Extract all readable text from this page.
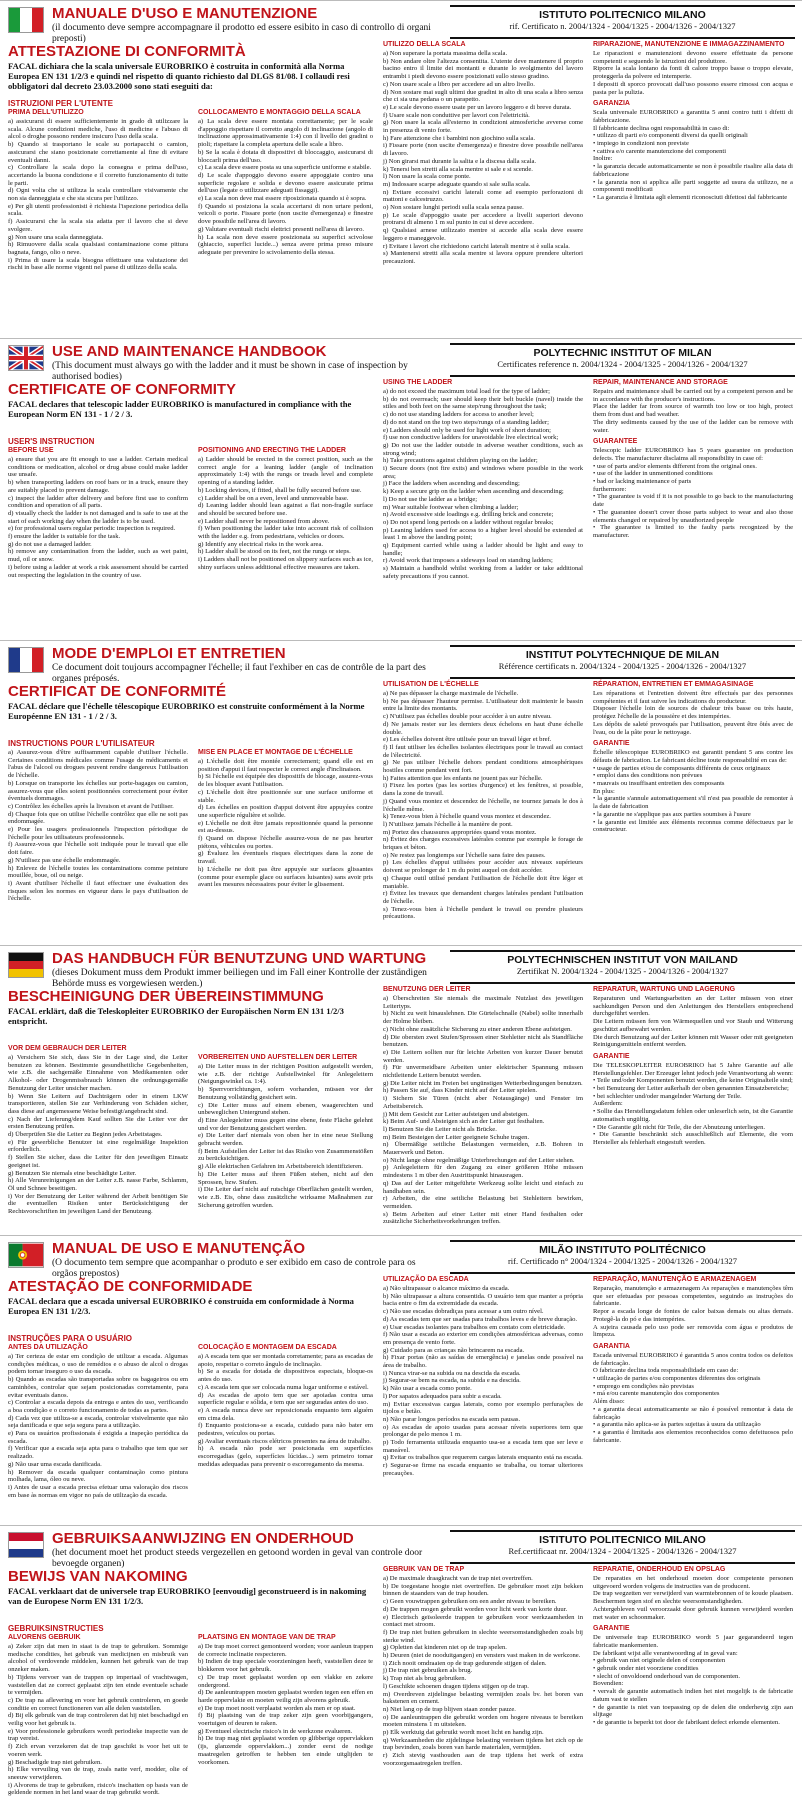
MANUALE D'USO E MANUTENZIONE
(il documento deve sempre accompagnare il prodotto ed essere esibito in caso di controllo di organi preposti)
ISTITUTO POLITECNICO MILANO
rif. Certificato n. 2004/1324 - 2004/1325 - 2004/1326 - 2004/1327
ATTESTAZIONE DI CONFORMITÀ
FACAL dichiara che la scala universale EUROBRIKO è costruita in conformità alla Norma Europea EN 131 1/2/3 e quindi nel rispetto di quanto richiesto dal DLGS 81/08. I collaudi resi obbligatori dal decreto 23.03.2000 sono stati eseguiti da:
ISTRUZIONI PER L'UTENTE
PRIMA DELL'UTILIZZO
a) assicurarsi di essere sufficientemente in grado di utilizzare la scala. Alcune condizioni mediche, l'uso di medicine e l'abuso di alcol o droghe possono rendere insicuro l'uso della scala.
b) Quando si trasportano le scale su portapacchi o camion, assicurarsi che siano posizionate correttamente al fine di evitare eventuali danni.
c) Controllare la scala dopo la consegna e prima dell'uso, accertando la buona condizione e il corretto funzionamento di tutte le parti.
d) Ogni volta che si utilizza la scala controllare visivamente che non sia danneggiata e che sia sicura per l'utilizzo.
e) Per gli utenti professionisti è richiesta l'ispezione periodica della scala.
f) Assicurarsi che la scala sia adatta per il lavoro che si deve svolgere.
g) Non usare una scala danneggiata.
h) Rimuovere dalla scala qualsiasi contaminazione come pittura bagnata, fango, olio o neve.
i) Prima di usare la scala bisogna effettuare una valutazione dei rischi in base alle norme vigenti nel paese di utilizzo della scala.
COLLOCAMENTO E MONTAGGIO DELLA SCALA
a) La scala deve essere montata correttamente; per le scale d'appoggio rispettare il corretto angolo di inclinazione (angolo di inclinazione approssimativamente 1:4) con il livello dei gradini o pioli; rispettare la completa apertura delle scale a libro.
b) Se la scala è dotata di dispositivi di bloccaggio, assicurarsi di bloccarli prima dell'uso.
c) La scala deve essere posta su una superficie uniforme e stabile.
d) Le scale d'appoggio devono essere appoggiate contro una superficie regolare e solida e devono essere assicurate prima dell'uso (legate o utilizzare adeguati fissaggi).
e) La scala non deve mai essere riposizionata quando si è sopra.
f) Quando si posiziona la scala accertarsi di non urtare pedoni, veicoli o porte. Fissare porte (non uscite d'emergenza) e finestre dove possibile nell'area di lavoro.
g) Valutare eventuali rischi elettrici presenti nell'area di lavoro.
h) La scala non deve essere posizionata su superfici scivolose (ghiaccio, superfici lucide...) senza avere prima preso misure adeguate per prevenire lo scivolamento della stessa.
UTILIZZO DELLA SCALA
a) Non superare la portata massima della scala.
b) Non andare oltre l'altezza consentita. L'utente deve mantenere il proprio bacino entro il limite dei montanti e durante lo svolgimento del lavoro entrambi i piedi devono essere posizionati sullo stesso gradino.
c) Non usare scale a libro per accedere ad un altro livello.
d) Non sostare mai sugli ultimi due gradini in alto di una scala a libro senza che ci sia una pedana o un parapetto.
e) Le scale devono essere usate per un lavoro leggero e di breve durata.
f) Usare scale non conduttive per lavori con l'elettricità.
g) Non usare la scala all'esterno in condizioni atmosferiche avverse come in presenza di vento forte.
h) Fare attenzione che i bambini non giochino sulla scala.
i) Fissare porte (non uscite d'emergenza) e finestre dove possibile nell'area di lavoro.
j) Non girarsi mai durante la salita e la discesa dalla scala.
k) Tenersi ben stretti alla scala mentre si sale e si scende.
l) Non usare la scala come ponte.
m) Indossare scarpe adeguate quando si sale sulla scala.
n) Evitare eccessivi carichi laterali come ad esempio perforazioni di mattoni e calcestruzzo.
o) Non sostare lunghi periodi sulla scala senza pause.
p) Le scale d'appoggio usate per accedere a livelli superiori devono protrarsi di almeno 1 m sul punto in cui si deve accedere.
q) Qualsiasi arnese utilizzato mentre si accede alla scala deve essere leggero e maneggevole.
r) Evitare i lavori che richiedono carichi laterali mentre si è sulla scala.
s) Mantenersi stretti alla scala mentre si lavora oppure prendere ulteriori precauzioni.
RIPARAZIONE, MANUTENZIONE E IMMAGAZZINAMENTO
Le riparazioni e manutenzioni devono essere effettuate da persone competenti e seguendo le istruzioni del produttore.
Riporre la scala lontano da fonti di calore troppo basse o troppo elevate, proteggerla da polvere ed intemperie.
I depositi di sporco provocati dall'uso possono essere rimossi con acqua e pasta per la pulizia.
GARANZIA
Scala universale EUROBRIKO a garantita 5 anni contro tutti i difetti di fabbricazione.
Il fabbricante declina ogni responsabilità in caso di:
• utilizzo di parti e/o componenti diversi da quelli originali
• impiego in condizioni non previste
• cattiva e/o carente manutenzione dei componenti
Inoltre:
• la garanzia decade automaticamente se non è possibile risalire alla data di fabbricazione
• la garanzia non si applica alle parti soggette ad usura da utilizzo, ne a componenti modificati
• La garanzia è limitata agli elementi riconosciuti difettosi dal fabbricante
USE AND MAINTENANCE HANDBOOK
(This document must always go with the ladder and it must be shown in case of inspection by authorised bodies)
POLYTECHNIC INSTITUT OF MILAN
Certificates reference n. 2004/1324 - 2004/1325 - 2004/1326 - 2004/1327
CERTIFICATE OF CONFORMITY
FACAL declares that telescopic ladder EUROBRIKO is manufactured in compliance with the European Norm EN 131 - 1 / 2 / 3.
USER'S INSTRUCTION
BEFORE USE
a) ensure that you are fit enough to use a ladder. Certain medical conditions or medication, alcohol or drug abuse could make ladder use unsafe.
b) when transporting ladders on roof bars or in a truck, ensure they are suitably placed to prevent damage.
c) inspect the ladder after delivery and before first use to confirm condition and operation of all parts.
d) visually check the ladder is not damaged and is safe to use at the start of each working day when the ladder is to be used.
e) for professional users regular periodic inspection is required.
f) ensure the ladder is suitable for the task.
g) do not use a damaged ladder.
h) remove any contamination from the ladder, such as wet paint, mud, oil or snow.
i) before using a ladder at work a risk assessment should be carried out respecting the legislation in the country of use.
POSITIONING AND ERECTING THE LADDER
a) Ladder should be erected in the correct position, such as the correct angle for a leaning ladder (angle of inclination approximately 1:4) with the rungs or treads level and complete opening of a standing ladder.
b) Locking devices, if fitted, shall be fully secured before use.
c) Ladder shall be on a even, level and unmoveable base.
d) Leaning ladder should lean against a flat non-fragile surface and should be secured before use.
e) Ladder shall never be repositioned from above.
f) When positioning the ladder take into account risk of collision with the ladder e.g. from pedestrians, vehicles or doors.
g) Identify any electrical risks in the work area.
h) Ladder shall be stood on its feet, not the rungs or steps.
i) Ladders shall not be positioned on slippery surfaces such as ice, shiny surfaces unless additional effective measures are taken.
USING THE LADDER
a) do not exceed the maximum total load for the type of ladder;
b) do not overreach; user should keep their belt buckle (navel) inside the stiles and both feet on the same step/rung throughout the task;
c) do not use standing ladders for access to another level;
d) do not stand on the top two steps/rungs of a standing ladder;
e) Ladders should only be used for light work of short duration;
f) use non conductive ladders for unavoidable live electrical work;
g) Do not use the ladder outside in adverse weather conditions, such as strong wind;
h) Take precautions against children playing on the ladder;
i) Secure doors (not fire exits) and windows where possible in the work area;
j) Face the ladders when ascending and descending;
k) Keep a secure grip on the ladder when ascending and descending;
l) Do not use the ladder as a bridge;
m) Wear suitable footwear when climbing a ladder;
n) Avoid excessive side loadings e.g. drilling brick and concrete;
o) Do not spend long periods on a ladder without regular breaks;
p) Leaning ladders used for access to a higher level should be extended at least 1 m above the landing point;
q) Equipment carried while using a ladder should be light and easy to handle;
r) Avoid work that imposes a sideways load on standing ladders;
s) Maintain a handhold whilst working from a ladder or take additional safety precautions if you cannot.
REPAIR, MAINTENANCE AND STORAGE
Repairs and maintenance shall be carried out by a competent person and be in accordance with the producer's instructions.
Place the ladder far from source of warmth too low or too high, protect them from dust and bad weather.
The dirty sediments caused by the use of the ladder can be remove with water.
GUARANTEE
Telescopic ladder EUROBRIKO has 5 years guarantee on production defects. The manufacturer disclaims all responsibility in case of:
• use of parts and/or elements different from the original ones.
• use of the ladder in unmentioned conditions
• bad or lacking maintenance of parts
furthermore:
• The guarantee is void if it is not possible to go back to the manufacturing date
• The guarantee doesn't cover those parts subject to wear and also those elements changed or repaired by unauthorized people
• The guarantee is limited to the faulty parts recognized by the manufacturer.
MODE D'EMPLOI ET ENTRETIEN
Ce document doit toujours accompagner l'échelle; il faut l'exhiber en cas de contrôle de la part des organes préposés.
INSTITUT POLYTECHNIQUE DE MILAN
Référence certificats n. 2004/1324 - 2004/1325 - 2004/1326 - 2004/1327
CERTIFICAT DE CONFORMITÉ
FACAL déclare que l'échelle télescopique EUROBRIKO est construite conformément à la Norme Européenne EN 131 - 1 / 2 / 3.
INSTRUCTIONS POUR L'UTILISATEUR
a) Assurez-vous d'être suffisamment capable d'utiliser l'échelle. Certaines conditions médicales comme l'usage de médicaments et l'abus de l'alcool ou drogues peuvent rendre dangereux l'utilisation de l'échelle.
b) Lorsque on transporte les échelles sur porte-bagages ou camion, assurez-vous que elles soient positionnées correctement pour éviter éventuels dommages.
c) Contrôlez les échelles après la livraison et avant de l'utiliser.
d) Chaque fois que on utilise l'échelle contrôlez que elle ne soit pas endommagée.
e) Pour les usagers professionnels l'inspection périodique de l'échelle pour les utilisateurs professionnels.
f) Assurez-vous que l'échelle soit indiquée pour le travail que elle doit faire.
g) N'utilisez pas une échelle endommagée.
h) Enlevez de l'échelle toutes les contaminations comme peinture mouillée, boue, oil ou neige.
i) Avant d'utiliser l'échelle il faut effectuer une évaluation des risques selon les normes en vigueur dans le pays d'utilisation de l'échelle.
MISE EN PLACE ET MONTAGE DE L'ÉCHELLE
a) L'échelle doit être montée correctement; quand elle est en position d'appui il faut respecter le correct angle d'inclinaison.
b) Si l'échelle est équipée des dispositifs de blocage, assurez-vous de les bloquer avant l'utilisation.
c) L'échelle doit être positionnée sur une surface uniforme et stable.
d) Les échelles en position d'appui doivent être appuyées contre une superficie régulière et solide.
e) L'échelle ne doit être jamais repositionnée quand la personne est au-dessus.
f) Quand on dispose l'échelle assurez-vous de ne pas heurter piétons, véhicules ou portes.
g) Évaluez les éventuels risques électriques dans la zone de travail.
h) L'échelle ne doit pas être appuyée sur surfaces glissantes (comme pour exemple glace ou surfaces luisantes) sans avoir pris avant les mesures nécessaires pour éviter le glissement.
UTILISATION DE L'ÉCHELLE
a) Ne pas dépasser la charge maximale de l'échelle.
b) Ne pas dépasser l'hauteur permise. L'utilisateur doit maintenir le bassin entre la limite des montants.
c) N'utilisez pas échelles double pour accéder à un autre niveau.
d) Ne jamais rester sur les derniers deux échelons en haut d'une échelle double.
e) Les échelles doivent être utilisée pour un travail léger et bref.
f) Il faut utiliser les échelles isolantes électriques pour le travail au contact de l'électricité.
g) Ne pas utiliser l'échelle dehors pendant conditions atmosphériques hostiles comme pendant vent fort.
h) Faites attention que les enfants ne jouent pas sur l'échelle.
i) Fixez les portes (pas les sorties d'urgence) et les fenêtres, si possible, dans la zone de travail.
j) Quand vous montez et descendez de l'échelle, ne tournez jamais le dos à l'échelle même.
k) Tenez-vous bien à l'échelle quand vous montez et descendez.
l) N'utilisez jamais l'échelle à la manière de pont.
m) Portez des chaussures appropriées quand vous montez.
n) Évitez des charges excessives latérales comme par exemple le forage de briques et béton.
o) Ne restez pas longtemps sur l'échelle sans faire des pauses.
p) Les échelles d'appui utilisées pour accéder aux niveaux supérieurs doivent se prolonger de 1 m du point auquel on doit accéder.
q) Chaque outil utilisé pendant l'utilisation de l'échelle doit être léger et maniable.
r) Évitez les travaux que demandent charges latérales pendant l'utilisation de l'échelle.
s) Tenez-vous bien à l'échelle pendant le travail ou prendre plusieurs précautions.
RÉPARATION, ENTRETIEN ET EMMAGASINAGE
Les réparations et l'entretien doivent être effectués par des personnes compétentes et il faut suivre les indications du producteur.
Disposer l'échelle loin de sources de chaleur très basse ou très haute, protégez l'échelle de la poussière et des intempéries.
Les dépôts de saleté provoqués par l'utilisation, peuvent être ôtés avec de l'eau, ou de la pâte pour le nettoyage.
GARANTIE
Échelle télescopique EUROBRIKO est garantit pendant 5 ans contre les défauts de fabrication. Le fabricant décline toute responsabilité en cas de:
• usage de parties et/ou de composants différents de ceux originaux
• emploi dans des conditions non prévues
• mauvais ou insuffisant entretien des composants
En plus:
• la garantie s'annule automatiquement s'il n'est pas possible de remonter à la date de fabrication
• la garantie ne s'applique pas aux parties soumises à l'usure
• la garantie est limitée aux éléments reconnus comme défectueux par le constructeur.
DAS HANDBUCH FÜR BENUTZUNG UND WARTUNG
(dieses Dokument muss dem Produkt immer beiliegen und im Fall einer Kontrolle der zuständigen Behörde muss es vorgewiesen werden.)
POLYTECHNISCHEN INSTITUT VON MAILAND
Zertifikat N. 2004/1324 - 2004/1325 - 2004/1326 - 2004/1327
BESCHEINIGUNG DER ÜBEREINSTIMMUNG
FACAL erklärt, daß die Teleskopleiter EUROBRIKO der Europäischen Norm EN 131 1/2/3 entspricht.
VOR DEM GEBRAUCH DER LEITER
a) Versichern Sie sich, dass Sie in der Lage sind, die Leiter benutzen zu können. Bestimmte gesundheitliche Gegebenheiten, wie z.B. die sachgemäße Einnahme von Medikamenten oder Alkohol- oder Drogenmissbrauch können die ordnungsgemäße Benutzung der Leiter unsicher machen.
b) Wenn Sie Leitern auf Dachträgern oder in einem LKW transportieren, stellen Sie zur Verhinderung von Schäden sicher, dass diese auf angemessene Weise befestigt/angebracht sind.
c) Nach der Lieferung/dem Kauf sollten Sie die Leiter vor der ersten Benutzung prüfen.
d) Überprüfen Sie die Leiter zu Beginn jedes Arbeitstages.
e) Für gewerbliche Benutzer ist eine regelmäßige Inspektion erforderlich.
f) Stellen Sie sicher, dass die Leiter für den jeweiligen Einsatz geeignet ist.
g) Benutzen Sie niemals eine beschädigte Leiter.
h) Alle Verunreinigungen an der Leiter z.B. nasse Farbe, Schlamm, Öl und Schnee beseitigen.
i) Vor der Benutzung der Leiter während der Arbeit benötigen Sie die eventuellen Risiken unter Berücksichtigung der Rechtsvorschriften im jeweiligen Land der Benutzung.
VORBEREITEN UND AUFSTELLEN DER LEITER
a) Die Leiter muss in der richtigen Position aufgestellt werden, wie z.B. der richtige Aufstellwinkel für Anlegeleitern (Neigungswinkel ca. 1:4).
b) Sperrvorrichtungen, sofern vorhanden, müssen vor der Benutzung vollständig gesichert sein.
c) Die Leiter muss auf einem ebenen, waagerechten und unbeweglichen Untergrund stehen.
d) Eine Anlegeleiter muss gegen eine ebene, feste Fläche gelehnt und vor der Benutzung gesichert werden.
e) Die Leiter darf niemals von oben her in eine neue Stellung gebracht werden.
f) Beim Aufstellen der Leiter ist das Risiko von Zusammenstößen zu berücksichtigen.
g) Alle elektrischen Gefahren im Arbeitsbereich identifizieren.
h) Die Leiter muss auf ihren Füßen stehen, nicht auf den Sprossen, bzw. Stufen.
i) Die Leiter darf nicht auf rutschige Oberflächen gestellt werden, wie z.B. Eis, ohne dass zusätzliche wirksame Maßnahmen zur Sicherung getroffen wurden.
BENUTZUNG DER LEITER
a) Überschreiten Sie niemals die maximale Nutzlast des jeweiligen Leitertyps.
b) Nicht zu weit hinauslehnen. Die Gürtelschnalle (Nabel) sollte innerhalb der Holme bleiben.
c) Nicht ohne zusätzliche Sicherung zu einer anderen Ebene aufsteigen.
d) Die obersten zwei Stufen/Sprossen einer Stehleiter nicht als Standfläche benutzen.
e) Die Leitern sollten nur für leichte Arbeiten von kurzer Dauer benutzt werden.
f) Für unvermeidbare Arbeiten unter elektrischer Spannung müssen nichtleitende Leitern benutzt werden.
g) Die Leiter nicht im Freien bei ungünstigen Wetterbedingungen benutzen.
h) Passen Sie auf, dass Kinder nicht auf der Leiter spielen.
i) Sichern Sie Türen (nicht aber Notausgänge) und Fenster im Arbeitsbereich.
j) Mit dem Gesicht zur Leiter aufsteigen und absteigen.
k) Beim Auf- und Absteigen sich an der Leiter gut festhalten.
l) Benutzen Sie die Leiter nicht als Brücke.
m) Beim Besteigen der Leiter geeignete Schuhe tragen.
n) Übermäßige seitliche Belastungen vermeiden, z.B. Bohren in Mauerwerk und Beton.
o) Nicht lange ohne regelmäßige Unterbrechungen auf der Leiter stehen.
p) Anlegeleitern für den Zugang zu einer größeren Höhe müssen mindestens 1 m über den Austrittspunkt hinausragen.
q) Das auf der Leiter mitgeführte Werkzeug sollte leicht und einfach zu handhaben sein.
r) Arbeiten, die eine seitliche Belastung bei Stehleitern bewirken, vermeiden.
s) Beim Arbeiten auf einer Leiter mit einer Hand festhalten oder zusätzliche Sicherheitsvorkehrungen treffen.
REPARATUR, WARTUNG UND LAGERUNG
Reparaturen und Wartungsarbeiten an der Leiter müssen von einer sachkundigen Person und den Anleitungen des Herstellers entsprechend durchgeführt werden.
Die Leitern müssen fern von Wärmequellen und vor Staub und Witterung geschützt aufbewahrt werden.
Die durch Benutzung auf der Leiter können mit Wasser oder mit geeigneten Reinigungsmitteln entfernt werden.
GARANTIE
Die TELESKOPLEITER EUROBRIKO hat 5 Jahre Garantie auf alle Herstellungsfehler. Der Erzeuger lehnt jedoch jede Verantwortung ab wenn:
• Teile und/oder Komponenten benutzt werden, die keine Originalteile sind;
• bei Benutzung der Leiter außerhalb der oben genannten Einsatzbereiche;
• bei schlechter und/oder mangelnder Wartung der Teile.
Außerdem:
• Sollte das Herstellungsdatum fehlen oder unleserlich sein, ist die Garantie automatisch ungültig.
• Die Garantie gilt nicht für Teile, die der Abnutzung unterliegen.
• Die Garantie beschränkt sich ausschließlich auf Elemente, die vom Hersteller als fehlerhaft eingestuft werden.
MANUAL DE USO E MANUTENÇÃO
(O documento tem sempre que acompanhar o produto e ser exibido em caso de controle para os orgãos prepostos)
MILÃO INSTITUTO POLITÉCNICO
rif. Certificado n° 2004/1324 - 2004/1325 - 2004/1326 - 2004/1327
ATESTAÇÃO DE CONFORMIDADE
FACAL declara que a escada universal EUROBRIKO é construída em conformidade à Norma Europea EN 131 1/2/3.
INSTRUÇÕES PARA O USUÁRIO
ANTES DA UTILIZAÇÃO
a) Ter certeza de estar em condição de utilizar a escada. Algumas condições médicas, o uso de remédios e o abuso de alcol o drogas podem tornar inseguro o uso da escada.
b) Quando as escadas são transportadas sobre os bagageiros ou em caminhões, controlar que sejam posicionadas corretamente, para evitar eventuais danos.
c) Controlar a escada depois da entrega e antes do uso, verificando a boa condição e o correto funcionamento de todas as partes.
d) Cada vez que utiliza-se a escada, controlar visivelmente que não seja danificada e que seja segura para a utilização.
e) Para os usuários profissionais é exigida a inspeção periódica da escada.
f) Verificar que a escada seja apta para o trabalho que tem que ser realizado.
g) Não usar uma escada danificada.
h) Remover da escada qualquer contaminação como pintura molhada, lama, óleo ou neve.
i) Antes de usar a escada precisa efetuar uma valoração dos riscos em base às normas em vigor no país de utilização da escada.
COLOCAÇÃO E MONTAGEM DA ESCADA
a) A escada tem que ser montada corretamente; para as escadas de apoio, respeitar o correto ângulo de inclinação.
b) Se a escada for dotada de dispositivos especiais, bloque-os antes do uso.
c) A escada tem que ser colocada numa lugar uniforme e estável.
d) As escadas de apoio tem que ser apoiadas contra uma superfície regular e sólida, e tem que ser seguradas antes do uso.
e) A escada nunca deve ser reposicionada enquanto tem alguém em cima dela.
f) Enquanto posiciona-se a escada, cuidado para não bater em pedestres, veículos ou portas.
g) Avaliar eventuais riscos elétricos presentes na área de trabalho.
h) A escada não pode ser posicionada em superfícies escorregadias (gelo, superfícies lúcidas...) sem primeiro tomar medidas adequadas para prevenir o escorregamento da mesma.
UTILIZAÇÃO DA ESCADA
a) Não ultrapassar o alcance máximo da escada.
b) Não ultrapassar a altura consentida. O usuário tem que manter a própria bacia entre o fim da extremidade da escada.
c) Não use escadas dobradiças para acessar a um outro nível.
d) As escadas tem que ser usadas para trabalhos leves e de breve duração.
e) Usar escadas isolantes para trabalhos em contato com eletricidade.
f) Não usar a escada ao exterior em condições atmosféricas adversas, como em presença de vento forte.
g) Cuidado para as crianças não brincarem na escada.
h) Fixar portas (não as saídas de emergência) e janelas onde possível na área de trabalho.
i) Nunca virar-se na subida ou na descida da escada.
j) Segurar-se bem na escada, na subida e na descida.
k) Não usar a escada como ponte.
l) Por sapatos adequados para subir a escada.
m) Evitar excessivas cargas laterais, como por exemplo perfurações de tijolos e betão.
n) Não parar longos períodos na escada sem pausas.
o) As escadas de apoio usadas para acessar níveis superiores tem que prolongar de pelo menos 1 m.
p) Todo ferramenta utilizada enquanto usa-se a escada tem que ser leve e maneável.
q) Evitar os trabalhos que requerem cargas laterais enquanto está na escada.
r) Segurar-se firme na escada enquanto se trabalha, ou tomar ulteriores precauções.
REPARAÇÃO, MANUTENÇÃO E ARMAZENAGEM
Reparação, manutenção e armazenagem As reparações e manutenções têm que ser efetuadas por pessoas competentes, seguindo as instruções do fabricante.
Repor a escada longe de fontes de calor baixas demais ou altas demais. Protegê-la do pó e das intempéries.
A sujeira causada pelo uso pode ser removida com água e produtos de limpeza.
GARANTIA
Escada universal EUROBRIKO é garantida 5 anos contra todos os defeitos de fabricação.
O fabricante declina toda responsabilidade em caso de:
• utilização de partes e/ou componentes diferentes dos originais
• emprego em condições não previstas
• má e/ou carente manutenção dos componentes
Além disso:
• a garantia decai automaticamente se não é possível remontar à data de fabricação
• a garantia não aplica-se às partes sujeitas à usura da utilização
• a garantia é limitada aos elementos reconhecidos como defeituosos pelo fabricante.
GEBRUIKSAANWIJZING EN ONDERHOUD
(het document moet het product steeds vergezellen en getoond worden in geval van controle door bevoegde organen)
ISTITUTO POLITECNICO MILANO
Ref.certificaat nr. 2004/1324 - 2004/1325 - 2004/1326 - 2004/1327
BEWIJS VAN NAKOMING
FACAL verklaart dat de universele trap EUROBRIKO [eenvoudig] geconstrueerd is in nakoming van de Europese Norm EN 131 1/2/3.
GEBRUIKSINSTRUCTIES
ALVORENS GEBRUIK
a) Zeker zijn dat men in staat is de trap te gebruiken. Sommige medische condities, het gebruik van medicijnen en misbruik van alcohol of verdovende middelen, kunnen het gebruik van de trap onzeker maken.
b) Tijdens vervoer van de trappen op imperiaal of vrachtwagen, vaststellen dat ze correct geplaatst zijn ten einde eventuele schade te vermijden.
c) De trap na aflevering en voor het gebruik controleren, en goede conditie en correct functioneren van alle delen vaststellen.
d) Bij elk gebruik van de trap controleren dat hij niet beschadigd en veilig voor het gebruik is.
e) Voor professionele gebruikers wordt periodieke inspectie van de trap vereist.
f) Zich ervan verzekeren dat de trap geschikt is voor het uit te voeren werk.
g) Beschadigde trap niet gebruiken.
h) Elke vervuiling van de trap, zoals natte verf, modder, olie of sneeuw verwijderen.
i) Alvorens de trap te gebruiken, risico's inschatten op basis van de geldende normen in het land waar de trap gebruikt wordt.
PLAATSING EN MONTAGE VAN DE TRAP
a) De trap moet correct gemonteerd worden; voor aanleun trappen de correcte inclinatie respecteren.
b) Indien de trap speciale voorzieningen heeft, vaststellen deze te blokkeren voor het gebruik.
c) De trap moet geplaatst worden op een vlakke en zekere ondergrond.
d) De aanleuntrappen moeten geplaatst worden tegen een effen en harde oppervlakte en moeten veilig zijn alvorens gebruik.
e) De trap moet nooit verplaatst worden als men er op staat.
f) Bij plaatsing van de trap zeker zijn geen voorbijgangers, voertuigen of deuren te raken.
g) Eventueel electrische risico's in de werkzone evalueren.
h) De trap mag niet geplaatst worden op glibberige oppervlakken (ijs, glanzende oppervlakken...) zonder eerst de nodige maatregelen getroffen te hebben ten einde uitglijden te voorkomen.
GEBRUIK VAN DE TRAP
a) De maximale draagkracht van de trap niet overtreffen.
b) De toegestane hoogte niet overtreffen. De gebruiker moet zijn bekken binnen de staanders van de trap houden.
c) Geen vouwtrappen gebruiken om een ander niveau te bereiken.
d) De trappen mogen gebruikt worden voor licht werk van korte duur.
e) Electrisch geïsoleerde trappen te gebruiken voor werkzaamheden in contact met stroom.
f) De trap niet buiten gebruiken in slechte weersomstandigheden zoals bij sterke wind.
g) Opletten dat kinderen niet op de trap spelen.
h) Deuren (niet de nooduitgangen) en vensters vast maken in de werkzone.
i) Zich nooit omdraaien op de trap gedurende stijgen of dalen.
j) De trap niet gebruiken als brug.
k) Trap niet als brug gebruiken.
l) Geschikte schoenen dragen tijdens stijgen op de trap.
m) Overdreven zijdelingse belasting vermijden zoals bv. het boren van bakstenen en cement.
n) Niet lang op de trap blijven staan zonder pauze.
o) De aanleuntrappen die gebruikt worden om hogere niveaus te bereiken moeten minstens 1 m uitsteken.
p) Elk werktuig dat gebruikt wordt moet licht en handig zijn.
q) Werkzaamheden die zijdelingse belasting vereisen tijdens het zich op de trap bevinden, zoals boren van harde materialen, vermijden.
r) Zich stevig vasthouden aan de trap tijdens het werk of extra voorzorgsmaatregelen treffen.
REPARATIE, ONDERHOUD EN OPSLAG
De reparaties en het onderhoud moeten door competente personen uitgevoerd worden volgens de instructies van de producent.
De trap wegzetten ver verwijderd van warmtebronnen of te koude plaatsen. Beschermen tegen stof en slechte weersomstandigheden.
Achtergebleven vuil veroorzaakt door gebruik kunnen verwijderd worden met water en schoonmaker.
GARANTIE
De universele trap EUROBRIKO wordt 5 jaar gegarandeerd tegen fabricatie mankementen.
De fabrikant wijst alle verantwoording af in geval van:
• gebruik van niet originele delen of componenten
• gebruik onder niet voorziene condities
• slecht of onvoldoend onderhoud van de componenten.
Bovendien:
• vervalt de garantie automatisch indien het niet mogelijk is de fabricatie datum vast te stellen
• de garantie is niet van toepassing op de delen die onderhevig zijn aan slijtage
• de garantie is beperkt tot door de fabrikant defect erkende elementen.
